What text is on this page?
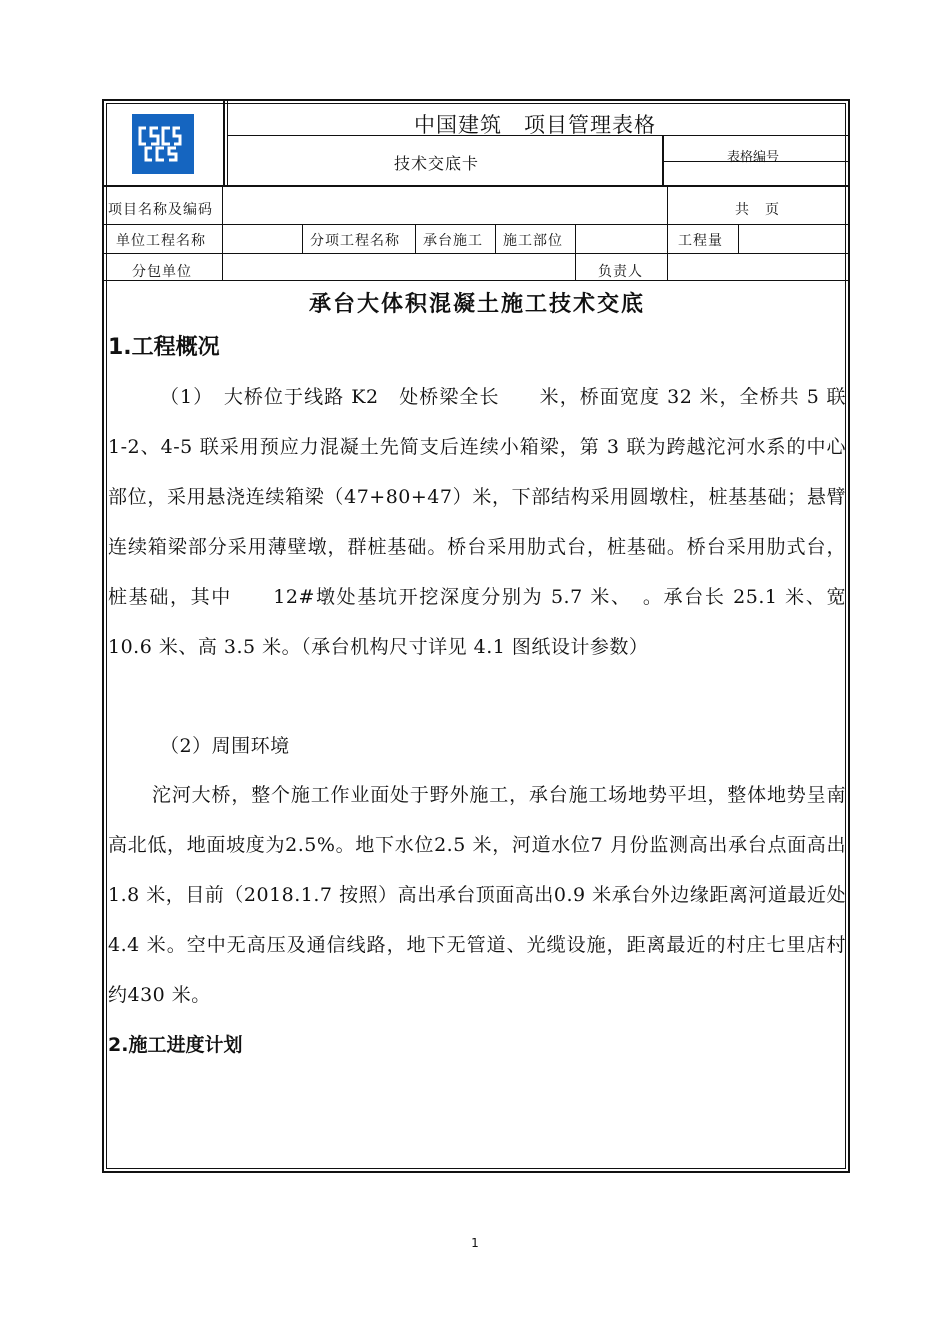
中国建筑　项目管理表格
技术交底卡	表格编号
项目名称及编码	共　页
单位工程名称	分项工程名称 承台施工 施工部位	工程量
分包单位	负责人
承台大体积混凝土施工技术交底
1.工程概况

（1）　大桥位于线路 K2　处桥梁全长　　米，桥面宽度 32 米，全桥共 5 联 1-2、4-5 联采用预应力混凝土先简支后连续小箱梁，第 3 联为跨越沱河水系的中心部位，采用悬浇连续箱梁（47+80+47）米，下部结构采用圆墩柱，桩基基础；悬臂连续箱梁部分采用薄壁墩，群桩基础。桥台采用肋式台，桩基础。桥台采用肋式台，桩基础，其中　　12#墩处基坑开挖深度分别为 5.7 米、　。承台长 25.1 米、宽 10.6 米、高 3.5 米。（承台机构尺寸详见 4.1 图纸设计参数）

（2）周围环境

沱河大桥，整个施工作业面处于野外施工，承台施工场地势平坦，整体地势呈南高北低，地面坡度为2.5%。地下水位2.5 米，河道水位7 月份监测高出承台点面高出 1.8 米，目前（2018.1.7 按照）高出承台顶面高出0.9 米承台外边缘距离河道最近处 4.4 米。空中无高压及通信线路，地下无管道、光缆设施，距离最近的村庄七里店村约430 米。

2.施工进度计划
1
